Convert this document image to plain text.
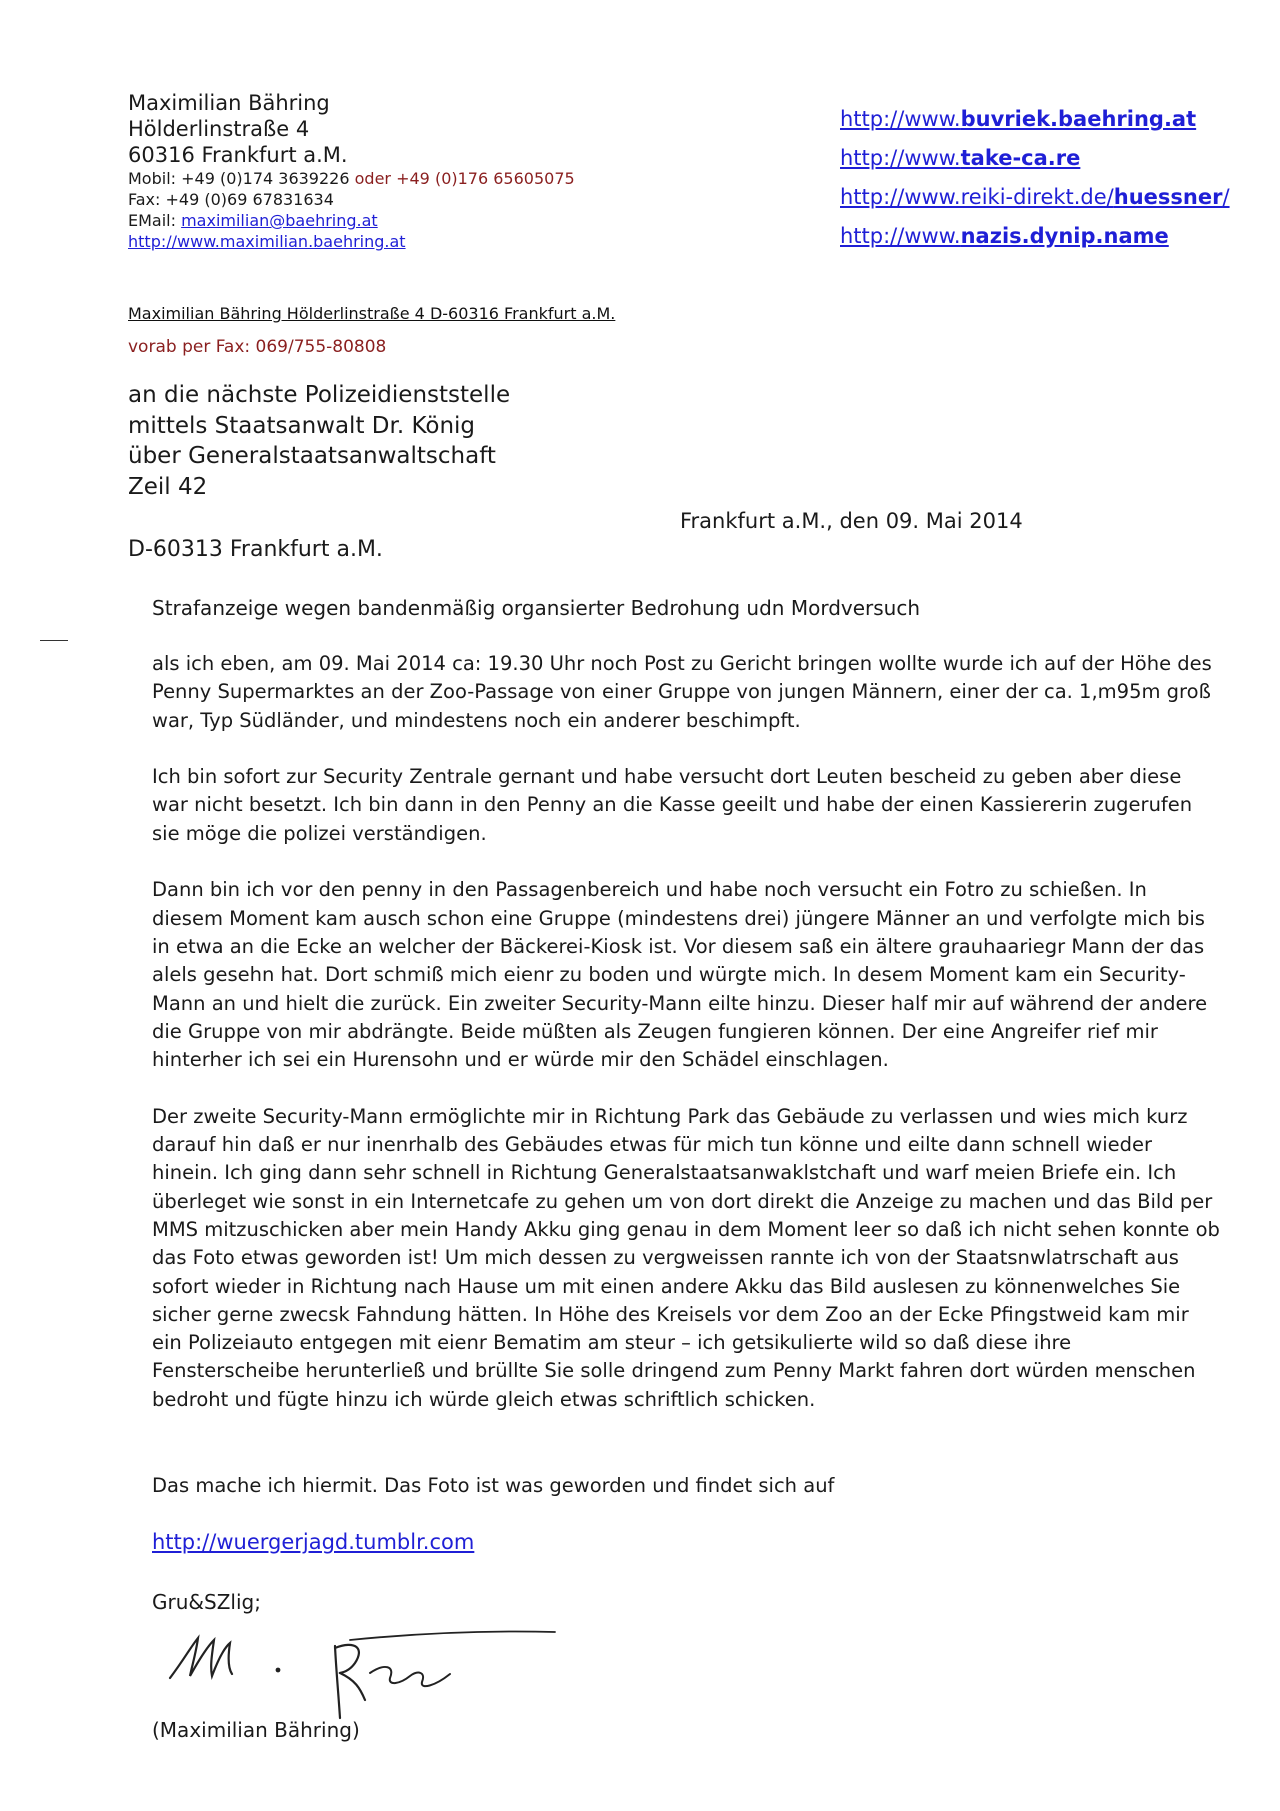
Maximilian Bähring
Hölderlinstraße 4
60316 Frankfurt a.M.
Mobil: +49 (0)174 3639226 oder +49 (0)176 65605075
Fax: +49 (0)69 67831634
EMail: maximilian@baehring.at
http://www.maximilian.baehring.at
http://www.buvriek.baehring.at
http://www.take-ca.re
http://www.reiki-direkt.de/huessner/
http://www.nazis.dynip.name
Maximilian Bähring Hölderlinstraße 4 D-60316 Frankfurt a.M.
vorab per Fax: 069/755-80808
an die nächste Polizeidienststelle
mittels Staatsanwalt Dr. König
über Generalstaatsanwaltschaft
Zeil 42
Frankfurt a.M., den 09. Mai 2014
D-60313 Frankfurt a.M.
Strafanzeige wegen bandenmäßig organsierter Bedrohung udn Mordversuch

als ich eben, am 09. Mai 2014 ca: 19.30 Uhr noch Post zu Gericht bringen wollte wurde ich auf der Höhe des Penny Supermarktes an der Zoo-Passage von einer Gruppe von jungen Männern, einer der ca. 1,m95m groß war, Typ Südländer, und mindestens noch ein anderer beschimpft.

Ich bin sofort zur Security Zentrale gernant und habe versucht dort Leuten bescheid zu geben aber diese war nicht besetzt. Ich bin dann in den Penny an die Kasse geeilt und habe der einen Kassiererin zugerufen sie möge die polizei verständigen.

Dann bin ich vor den penny in den Passagenbereich und habe noch versucht ein Fotro zu schießen. In diesem Moment kam ausch schon eine Gruppe (mindestens drei) jüngere Männer an und verfolgte mich bis in etwa an die Ecke an welcher der Bäckerei-Kiosk ist. Vor diesem saß ein ältere grauhaariegr Mann der das alels gesehn hat. Dort schmiß mich eienr zu boden und würgte mich. In desem Moment kam ein Security-Mann an und hielt die zurück. Ein zweiter Security-Mann eilte hinzu. Dieser half mir auf während der andere die Gruppe von mir abdrängte. Beide müßten als Zeugen fungieren können. Der eine Angreifer rief mir hinterher ich sei ein Hurensohn und er würde mir den Schädel einschlagen.

Der zweite Security-Mann ermöglichte mir in Richtung Park das Gebäude zu verlassen und wies mich kurz darauf hin daß er nur inenrhalb des Gebäudes etwas für mich tun könne und eilte dann schnell wieder hinein. Ich ging dann sehr schnell in Richtung Generalstaatsanwaklstchaft und warf meien Briefe ein. Ich überleget wie sonst in ein Internetcafe zu gehen um von dort direkt die Anzeige zu machen und das Bild per MMS mitzuschicken aber mein Handy Akku ging genau in dem Moment leer so daß ich nicht sehen konnte ob das Foto etwas geworden ist! Um mich dessen zu vergweissen rannte ich von der Staatsnwlatrschaft aus sofort wieder in Richtung nach Hause um mit einen andere Akku das Bild auslesen zu könnenwelches Sie sicher gerne zwecsk Fahndung hätten. In Höhe des Kreisels vor dem Zoo an der Ecke Pfingstweid kam mir ein Polizeiauto entgegen mit eienr Bematim am steur – ich getsikulierte wild so daß diese ihre Fensterscheibe herunterließ und brüllte Sie solle dringend zum Penny Markt fahren dort würden menschen bedroht und fügte hinzu ich würde gleich etwas schriftlich schicken.

Das mache ich hiermit. Das Foto ist was geworden und findet sich auf
http://wuergerjagd.tumblr.com
Gru&SZlig;
(Maximilian Bähring)
